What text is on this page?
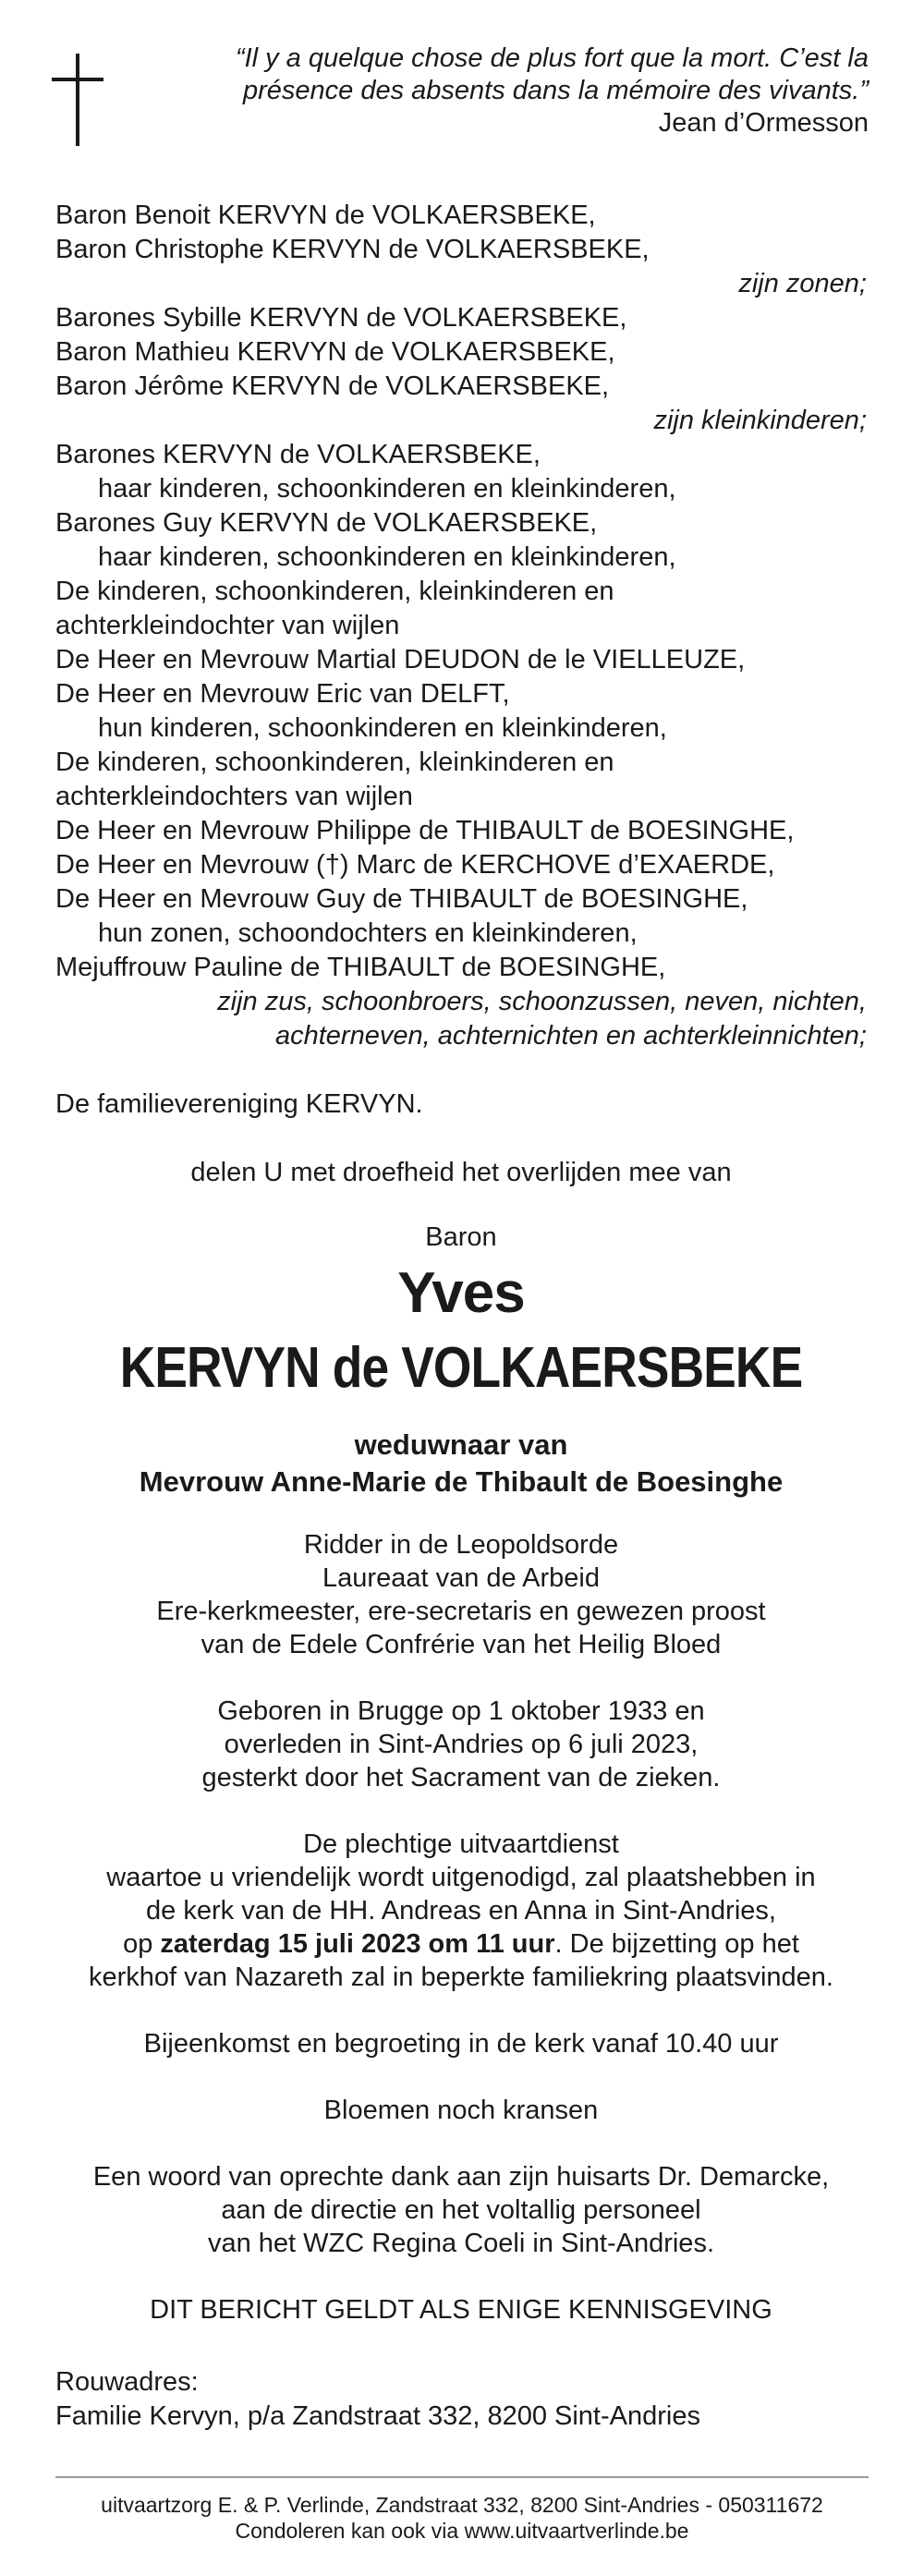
“Il y a quelque chose de plus fort que la mort. C’est la
présence des absents dans la mémoire des vivants.”
Jean d’Ormesson
Baron Benoit KERVYN de VOLKAERSBEKE,
Baron Christophe KERVYN de VOLKAERSBEKE,
zijn zonen;
Barones Sybille KERVYN de VOLKAERSBEKE,
Baron Mathieu KERVYN de VOLKAERSBEKE,
Baron Jérôme KERVYN de VOLKAERSBEKE,
zijn kleinkinderen;
Barones KERVYN de VOLKAERSBEKE,
haar kinderen, schoonkinderen en kleinkinderen,
Barones Guy KERVYN de VOLKAERSBEKE,
haar kinderen, schoonkinderen en kleinkinderen,
De kinderen, schoonkinderen, kleinkinderen en
achterkleindochter van wijlen
De Heer en Mevrouw Martial DEUDON de le VIELLEUZE,
De Heer en Mevrouw Eric van DELFT,
hun kinderen, schoonkinderen en kleinkinderen,
De kinderen, schoonkinderen, kleinkinderen en
achterkleindochters van wijlen
De Heer en Mevrouw Philippe de THIBAULT de BOESINGHE,
De Heer en Mevrouw (†) Marc de KERCHOVE d’EXAERDE,
De Heer en Mevrouw Guy de THIBAULT de BOESINGHE,
hun zonen, schoondochters en kleinkinderen,
Mejuffrouw Pauline de THIBAULT de BOESINGHE,
zijn zus, schoonbroers, schoonzussen, neven, nichten,
achterneven, achternichten en achterkleinnichten;
De familievereniging KERVYN.
delen U met droefheid het overlijden mee van
Baron
Yves
KERVYN de VOLKAERSBEKE
weduwnaar van
Mevrouw Anne-Marie de Thibault de Boesinghe
Ridder in de Leopoldsorde
Laureaat van de Arbeid
Ere-kerkmeester, ere-secretaris en gewezen proost
van de Edele Confrérie van het Heilig Bloed
Geboren in Brugge op 1 oktober 1933 en
overleden in Sint-Andries op 6 juli 2023,
gesterkt door het Sacrament van de zieken.
De plechtige uitvaartdienst
waartoe u vriendelijk wordt uitgenodigd, zal plaatshebben in
de kerk van de HH. Andreas en Anna in Sint-Andries,
op zaterdag 15 juli 2023 om 11 uur. De bijzetting op het
kerkhof van Nazareth zal in beperkte familiekring plaatsvinden.
Bijeenkomst en begroeting in de kerk vanaf 10.40 uur
Bloemen noch kransen
Een woord van oprechte dank aan zijn huisarts Dr. Demarcke,
aan de directie en het voltallig personeel
van het WZC Regina Coeli in Sint-Andries.
DIT BERICHT GELDT ALS ENIGE KENNISGEVING
Rouwadres:
Familie Kervyn, p/a Zandstraat 332, 8200 Sint-Andries
uitvaartzorg E. & P. Verlinde, Zandstraat 332, 8200 Sint-Andries - 050311672
Condoleren kan ook via www.uitvaartverlinde.be
